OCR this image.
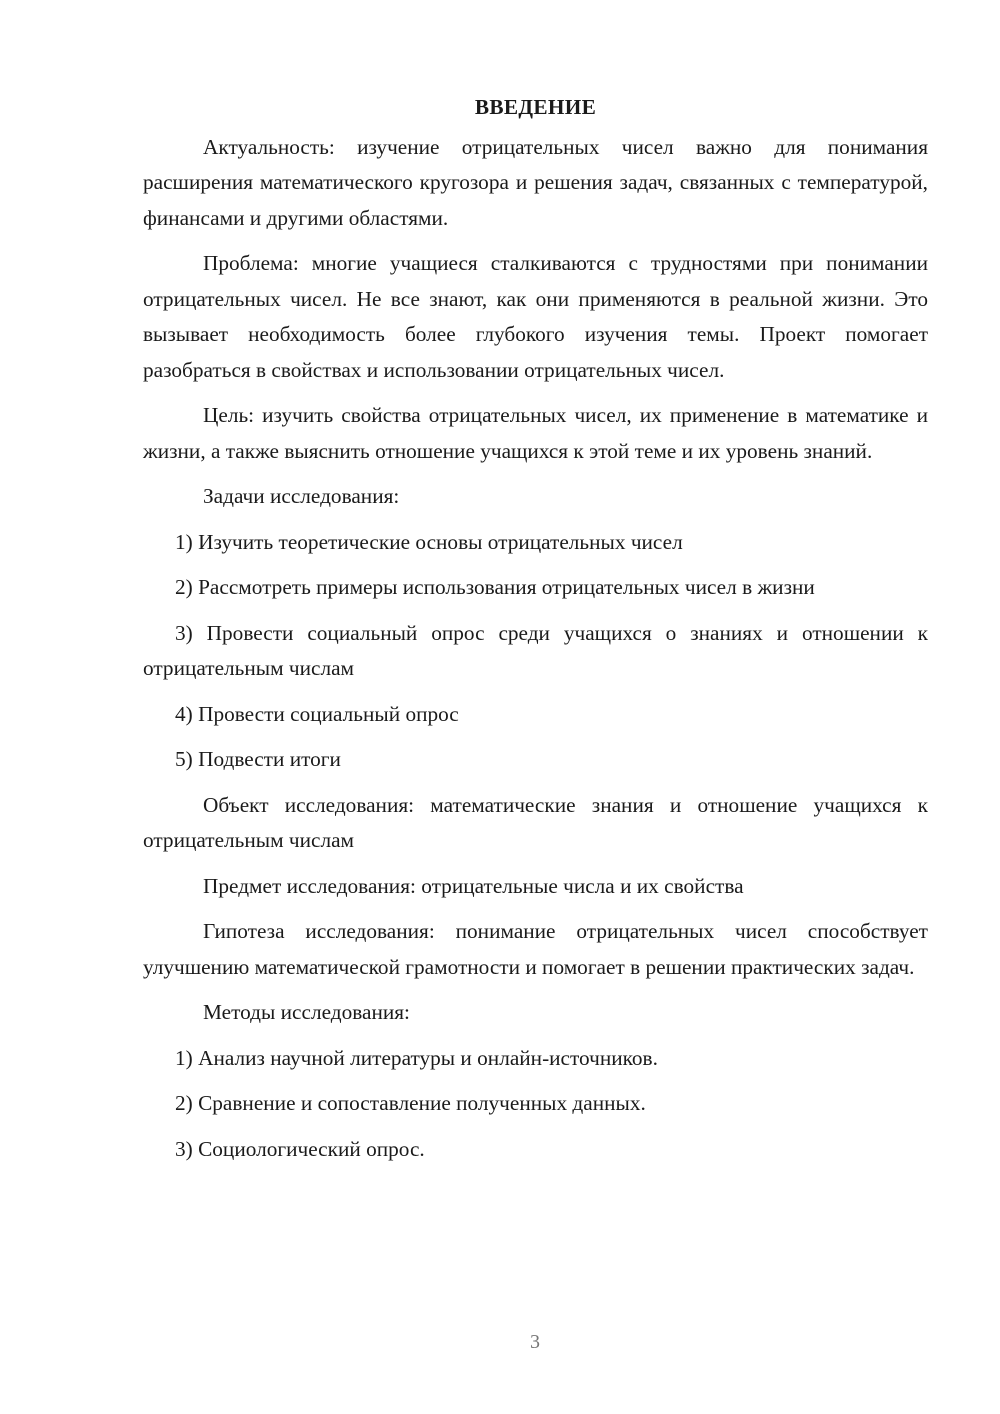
ВВЕДЕНИЕ

Актуальность: изучение отрицательных чисел важно для понимания расширения математического кругозора и решения задач, связанных с температурой, финансами и другими областями.

Проблема: многие учащиеся сталкиваются с трудностями при понимании отрицательных чисел. Не все знают, как они применяются в реальной жизни. Это вызывает необходимость более глубокого изучения темы. Проект помогает разобраться в свойствах и использовании отрицательных чисел.

Цель: изучить свойства отрицательных чисел, их применение в математике и жизни, а также выяснить отношение учащихся к этой теме и их уровень знаний.

Задачи исследования:

1) Изучить теоретические основы отрицательных чисел

2) Рассмотреть примеры использования отрицательных чисел в жизни

3) Провести социальный опрос среди учащихся о знаниях и отношении к отрицательным числам

4) Провести социальный опрос

5) Подвести итоги

Объект исследования: математические знания и отношение учащихся к отрицательным числам

Предмет исследования: отрицательные числа и их свойства

Гипотеза исследования: понимание отрицательных чисел способствует улучшению математической грамотности и помогает в решении практических задач.

Методы исследования:

1) Анализ научной литературы и онлайн-источников.

2) Сравнение и сопоставление полученных данных.

3) Социологический опрос.

3
